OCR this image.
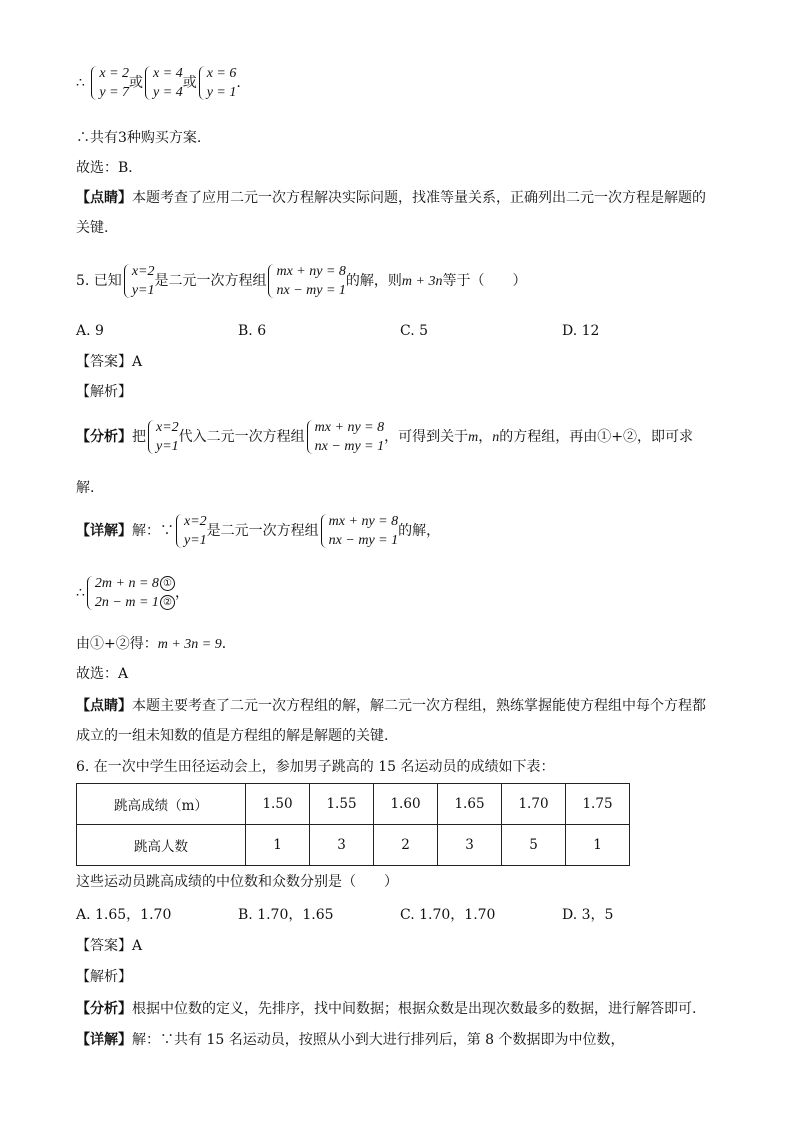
∴
x = 2
y = 7
或
x = 4
y = 4
或
x = 6
y = 1
.
∴共有3种购买方案.
故选：B．
【点睛】本题考查了应用二元一次方程解决实际问题，找准等量关系，正确列出二元一次方程是解题的
关键.
5. 已知
x=2
y=1
是二元一次方程组
mx + ny = 8
nx − my = 1
的解，则m + 3n等于（　　）
A. 9	B. 6	C. 5	D. 12
【答案】A
【解析】
【分析】把
x=2
y=1
代入二元一次方程组
mx + ny = 8
nx − my = 1
，可得到关于m，n的方程组，再由①+②，即可求
解.
【详解】解：∵
x=2
y=1
是二元一次方程组
mx + ny = 8
nx − my = 1
的解，
∴
2m + n = 8 ①
2n − m = 1 ②
，
由①+②得：m + 3n = 9．
故选：A
【点睛】本题主要考查了二元一次方程组的解，解二元一次方程组，熟练掌握能使方程组中每个方程都
成立的一组未知数的值是方程组的解是解题的关键.
6. 在一次中学生田径运动会上，参加男子跳高的 15 名运动员的成绩如下表：
跳高成绩（m）	1.50	1.55	1.60	1.65	1.70	1.75
跳高人数	1	3	2	3	5	1
这些运动员跳高成绩的中位数和众数分别是（　　）
A. 1.65，1.70	B. 1.70，1.65	C. 1.70，1.70	D. 3，5
【答案】A
【解析】
【分析】根据中位数的定义，先排序，找中间数据；根据众数是出现次数最多的数据，进行解答即可.
【详解】解：∵共有 15 名运动员，按照从小到大进行排列后，第 8 个数据即为中位数，
